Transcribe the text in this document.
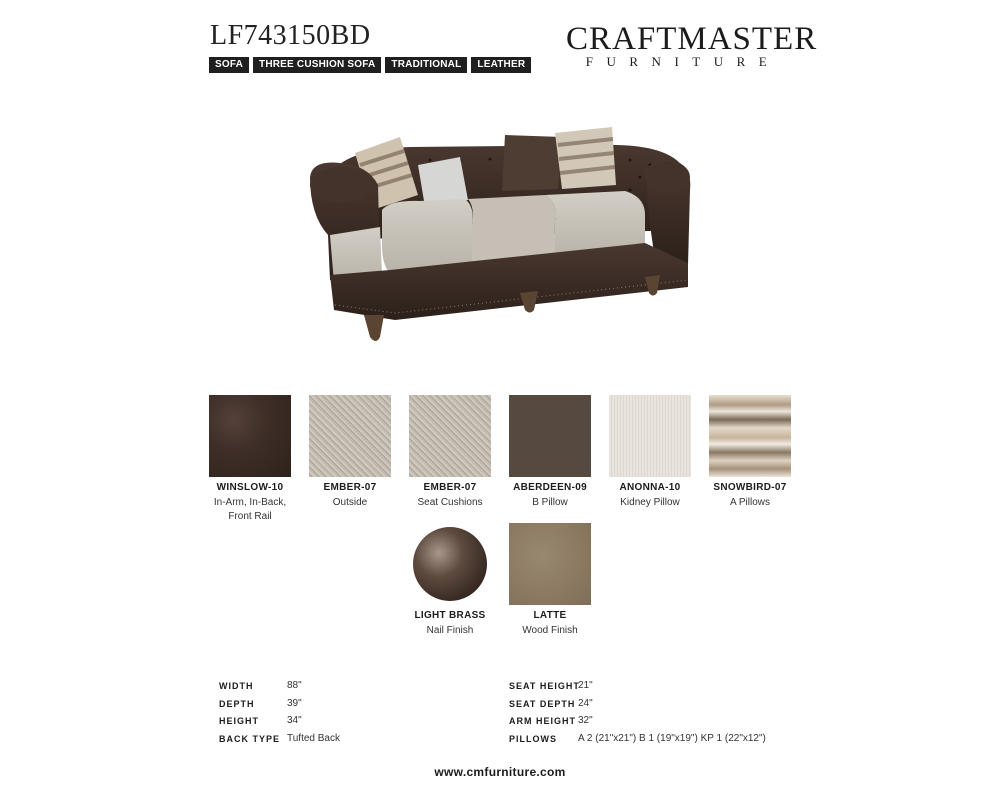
LF743150BD
SOFA	THREE CUSHION SOFA	TRADITIONAL	LEATHER
CRAFTMASTER
FURNITURE
WINSLOW-10
In-Arm, In-Back, Front Rail
EMBER-07
Outside
EMBER-07
Seat Cushions
ABERDEEN-09
B Pillow
ANONNA-10
Kidney Pillow
SNOWBIRD-07
A Pillows
LIGHT BRASS
Nail Finish
LATTE
Wood Finish
WIDTH	88"
DEPTH	39"
HEIGHT	34"
BACK TYPE Tufted Back
SEAT HEIGHT
21"
SEAT DEPTH 24"
ARM HEIGHT 32"
PILLOWS A 2 (21"x21") B 1 (19"x19") KP 1 (22"x12")
www.cmfurniture.com
